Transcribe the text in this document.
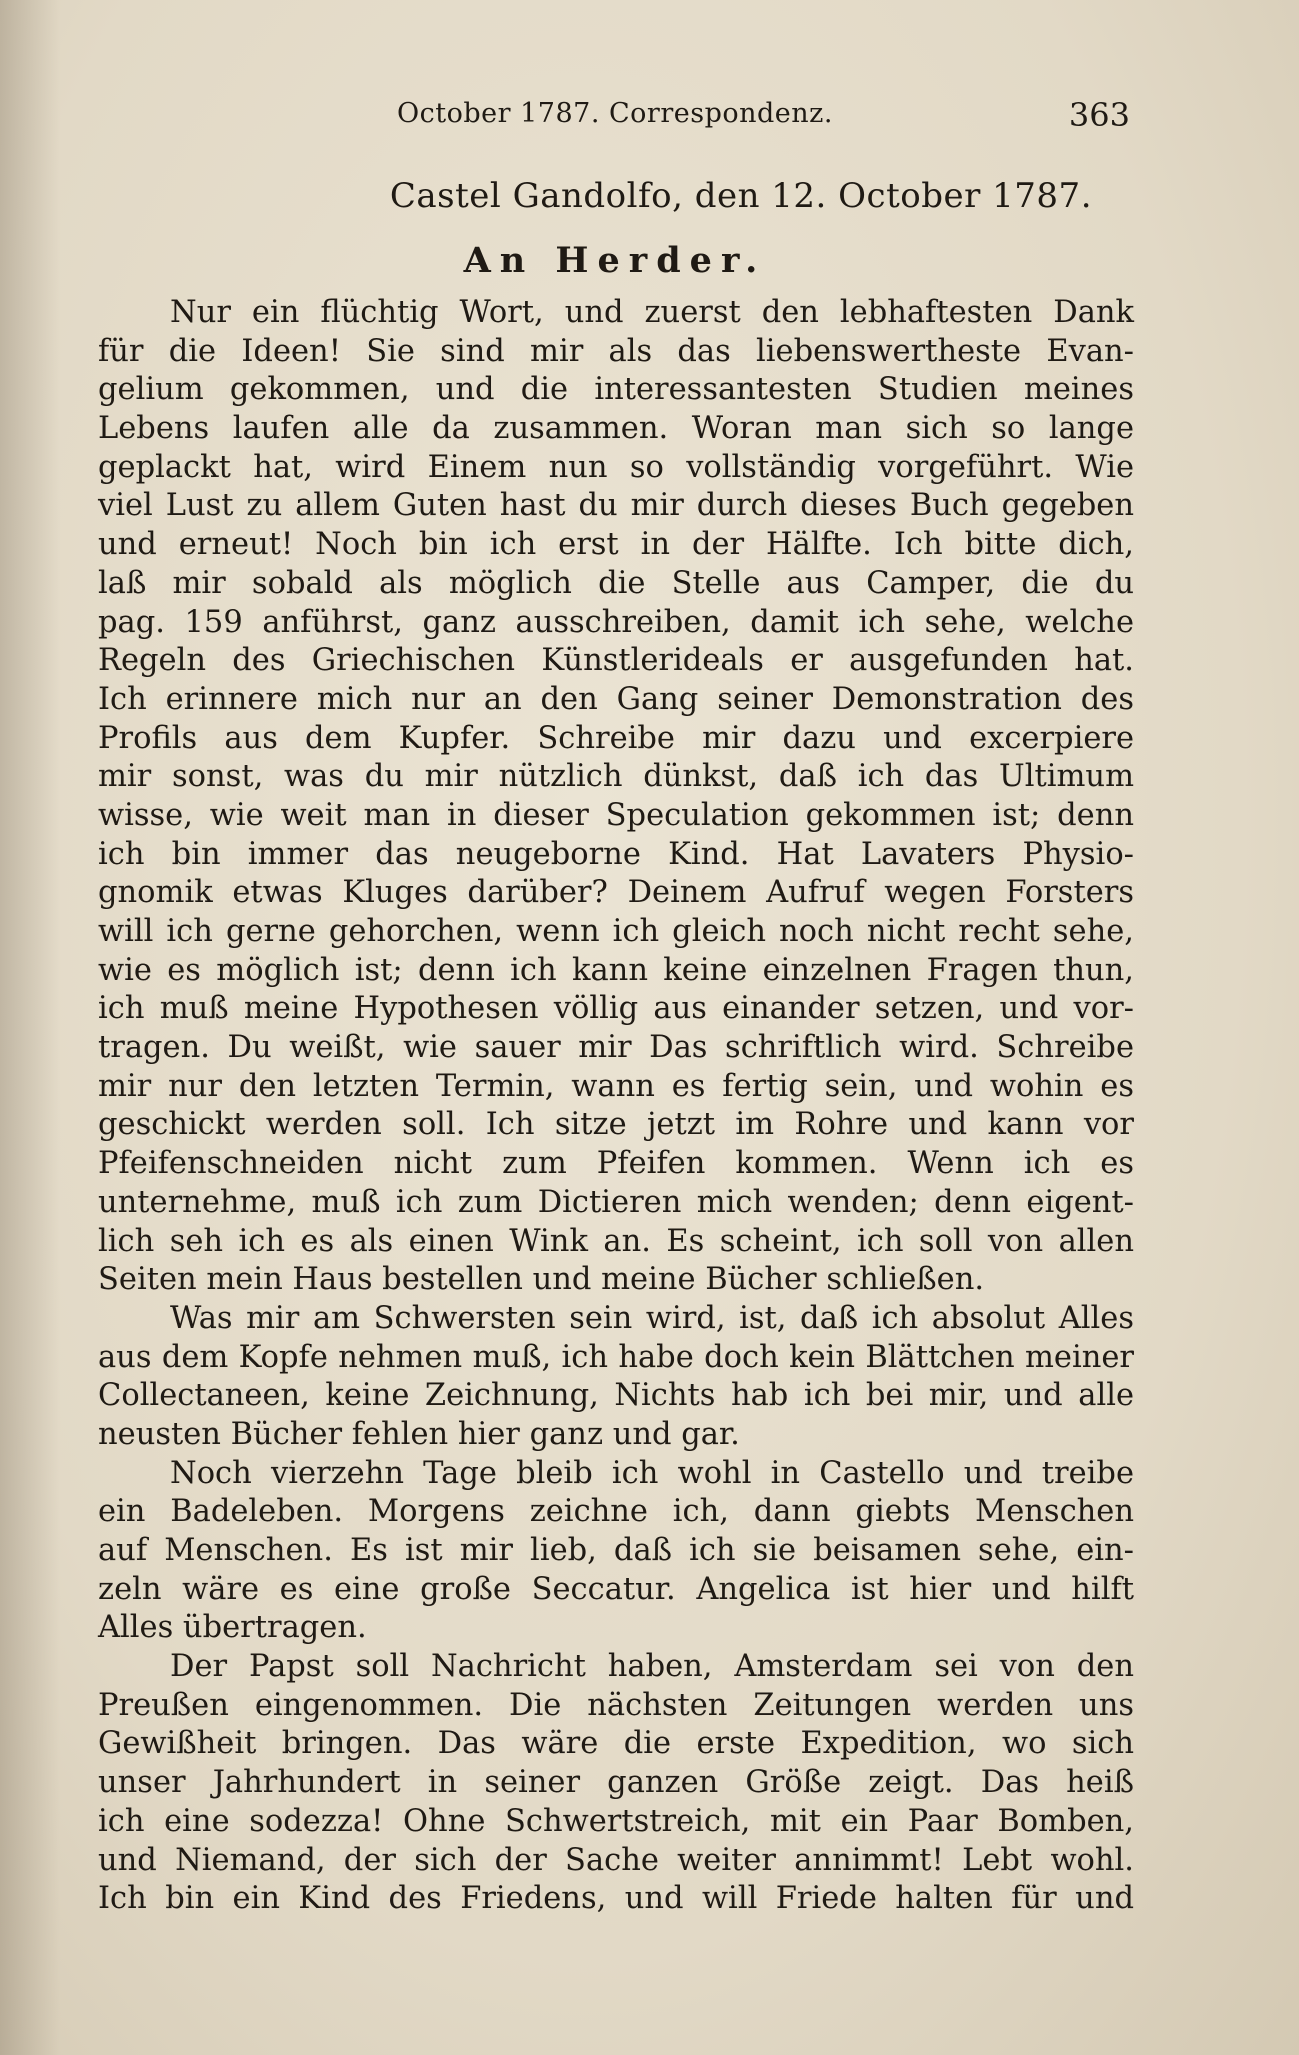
October 1787. Correspondenz.	363
Castel Gandolfo, den 12. October 1787.
An Herder.
Nur ein flüchtig Wort, und zuerst den lebhaftesten Dank
für die Ideen! Sie sind mir als das liebenswertheste Evan-
gelium gekommen, und die interessantesten Studien meines
Lebens laufen alle da zusammen. Woran man sich so lange
geplackt hat, wird Einem nun so vollständig vorgeführt. Wie
viel Lust zu allem Guten hast du mir durch dieses Buch gegeben
und erneut! Noch bin ich erst in der Hälfte. Ich bitte dich,
laß mir sobald als möglich die Stelle aus Camper, die du
pag. 159 anführst, ganz ausschreiben, damit ich sehe, welche
Regeln des Griechischen Künstlerideals er ausgefunden hat.
Ich erinnere mich nur an den Gang seiner Demonstration des
Profils aus dem Kupfer. Schreibe mir dazu und excerpiere
mir sonst, was du mir nützlich dünkst, daß ich das Ultimum
wisse, wie weit man in dieser Speculation gekommen ist; denn
ich bin immer das neugeborne Kind. Hat Lavaters Physio-
gnomik etwas Kluges darüber? Deinem Aufruf wegen Forsters
will ich gerne gehorchen, wenn ich gleich noch nicht recht sehe,
wie es möglich ist; denn ich kann keine einzelnen Fragen thun,
ich muß meine Hypothesen völlig aus einander setzen, und vor-
tragen. Du weißt, wie sauer mir Das schriftlich wird. Schreibe
mir nur den letzten Termin, wann es fertig sein, und wohin es
geschickt werden soll. Ich sitze jetzt im Rohre und kann vor
Pfeifenschneiden nicht zum Pfeifen kommen. Wenn ich es
unternehme, muß ich zum Dictieren mich wenden; denn eigent-
lich seh ich es als einen Wink an. Es scheint, ich soll von allen
Seiten mein Haus bestellen und meine Bücher schließen.
Was mir am Schwersten sein wird, ist, daß ich absolut Alles
aus dem Kopfe nehmen muß, ich habe doch kein Blättchen meiner
Collectaneen, keine Zeichnung, Nichts hab ich bei mir, und alle
neusten Bücher fehlen hier ganz und gar.
Noch vierzehn Tage bleib ich wohl in Castello und treibe
ein Badeleben. Morgens zeichne ich, dann giebts Menschen
auf Menschen. Es ist mir lieb, daß ich sie beisamen sehe, ein-
zeln wäre es eine große Seccatur. Angelica ist hier und hilft
Alles übertragen.
Der Papst soll Nachricht haben, Amsterdam sei von den
Preußen eingenommen. Die nächsten Zeitungen werden uns
Gewißheit bringen. Das wäre die erste Expedition, wo sich
unser Jahrhundert in seiner ganzen Größe zeigt. Das heiß
ich eine sodezza! Ohne Schwertstreich, mit ein Paar Bomben,
und Niemand, der sich der Sache weiter annimmt! Lebt wohl.
Ich bin ein Kind des Friedens, und will Friede halten für und
